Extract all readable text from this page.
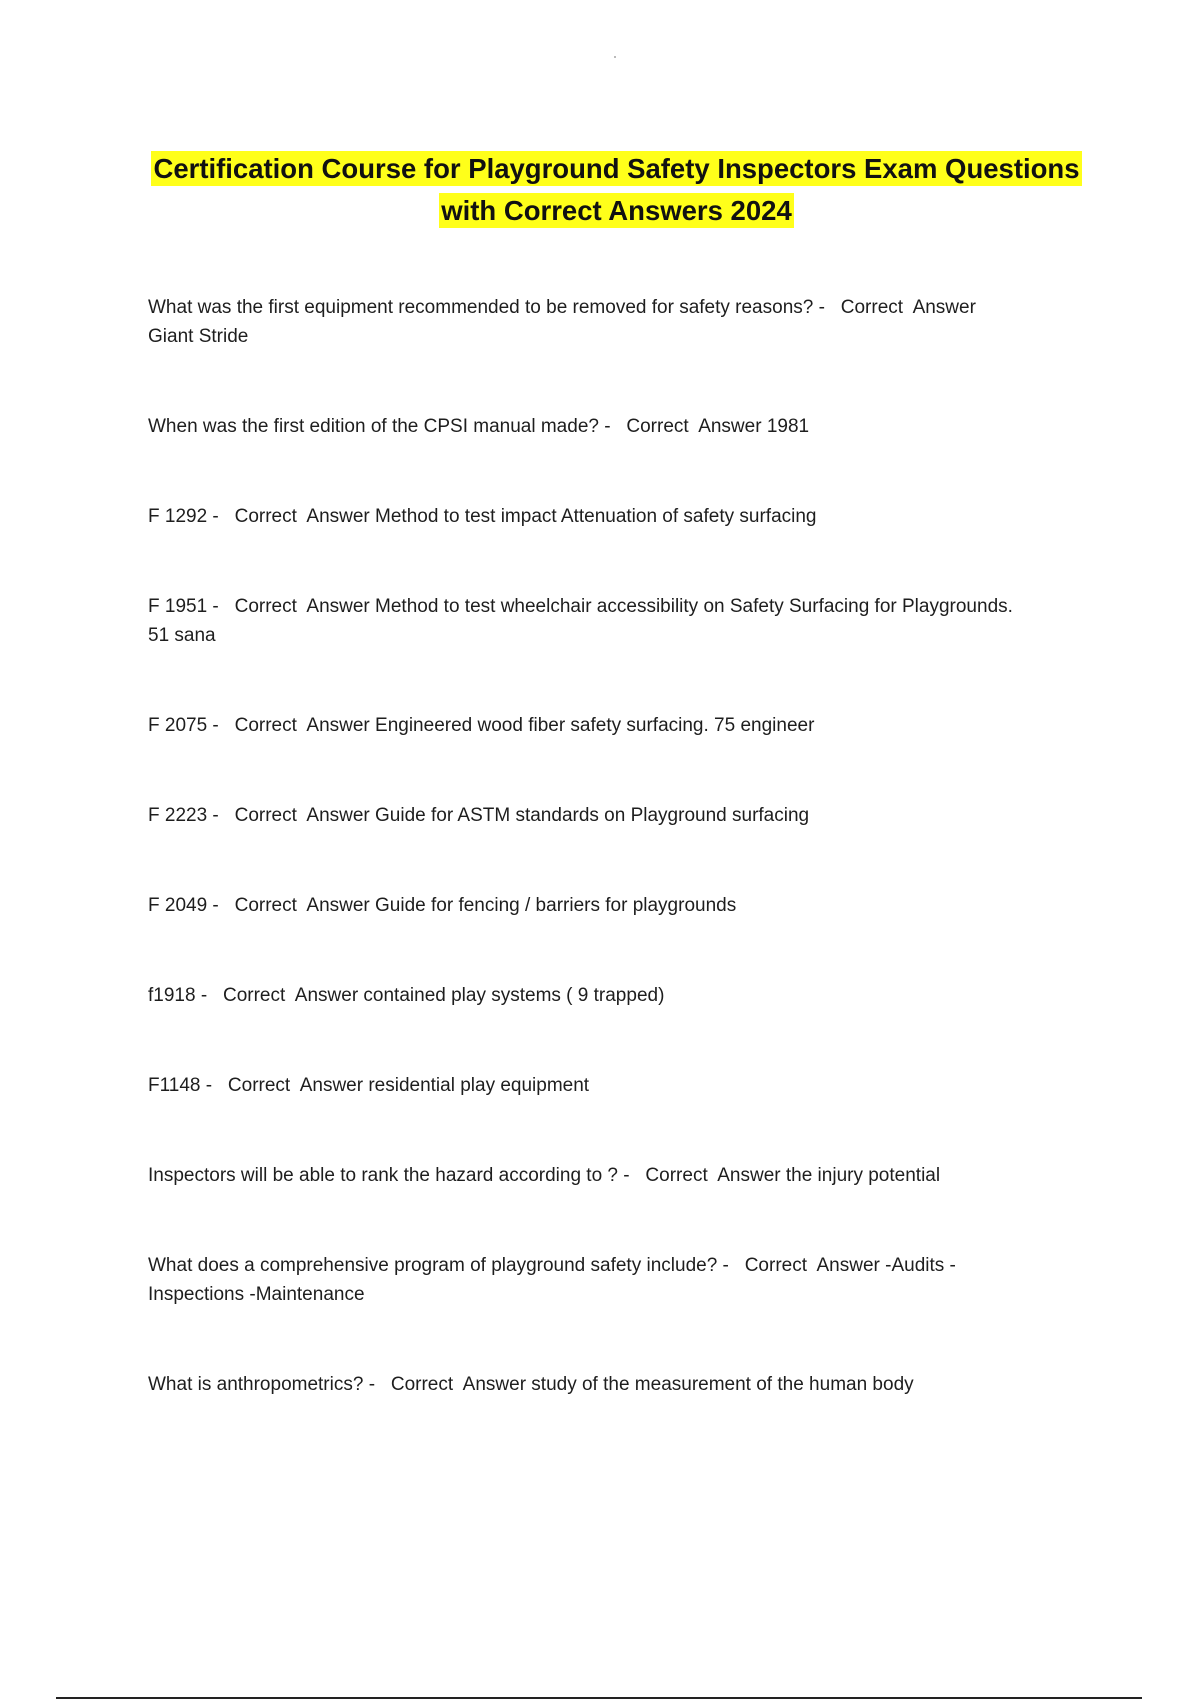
Certification Course for Playground Safety Inspectors Exam Questions
with Correct Answers 2024
What was the first equipment recommended to be removed for safety reasons? -   Correct  Answer
Giant Stride
When was the first edition of the CPSI manual made? -   Correct  Answer 1981
F 1292 -   Correct  Answer Method to test impact Attenuation of safety surfacing
F 1951 -   Correct  Answer Method to test wheelchair accessibility on Safety Surfacing for Playgrounds.
51 sana
F 2075 -   Correct  Answer Engineered wood fiber safety surfacing. 75 engineer
F 2223 -   Correct  Answer Guide for ASTM standards on Playground surfacing
F 2049 -   Correct  Answer Guide for fencing / barriers for playgrounds
f1918 -   Correct  Answer contained play systems ( 9 trapped)
F1148 -   Correct  Answer residential play equipment
Inspectors will be able to rank the hazard according to ? -   Correct  Answer the injury potential
What does a comprehensive program of playground safety include? -   Correct  Answer -Audits -
Inspections -Maintenance
What is anthropometrics? -   Correct  Answer study of the measurement of the human body
